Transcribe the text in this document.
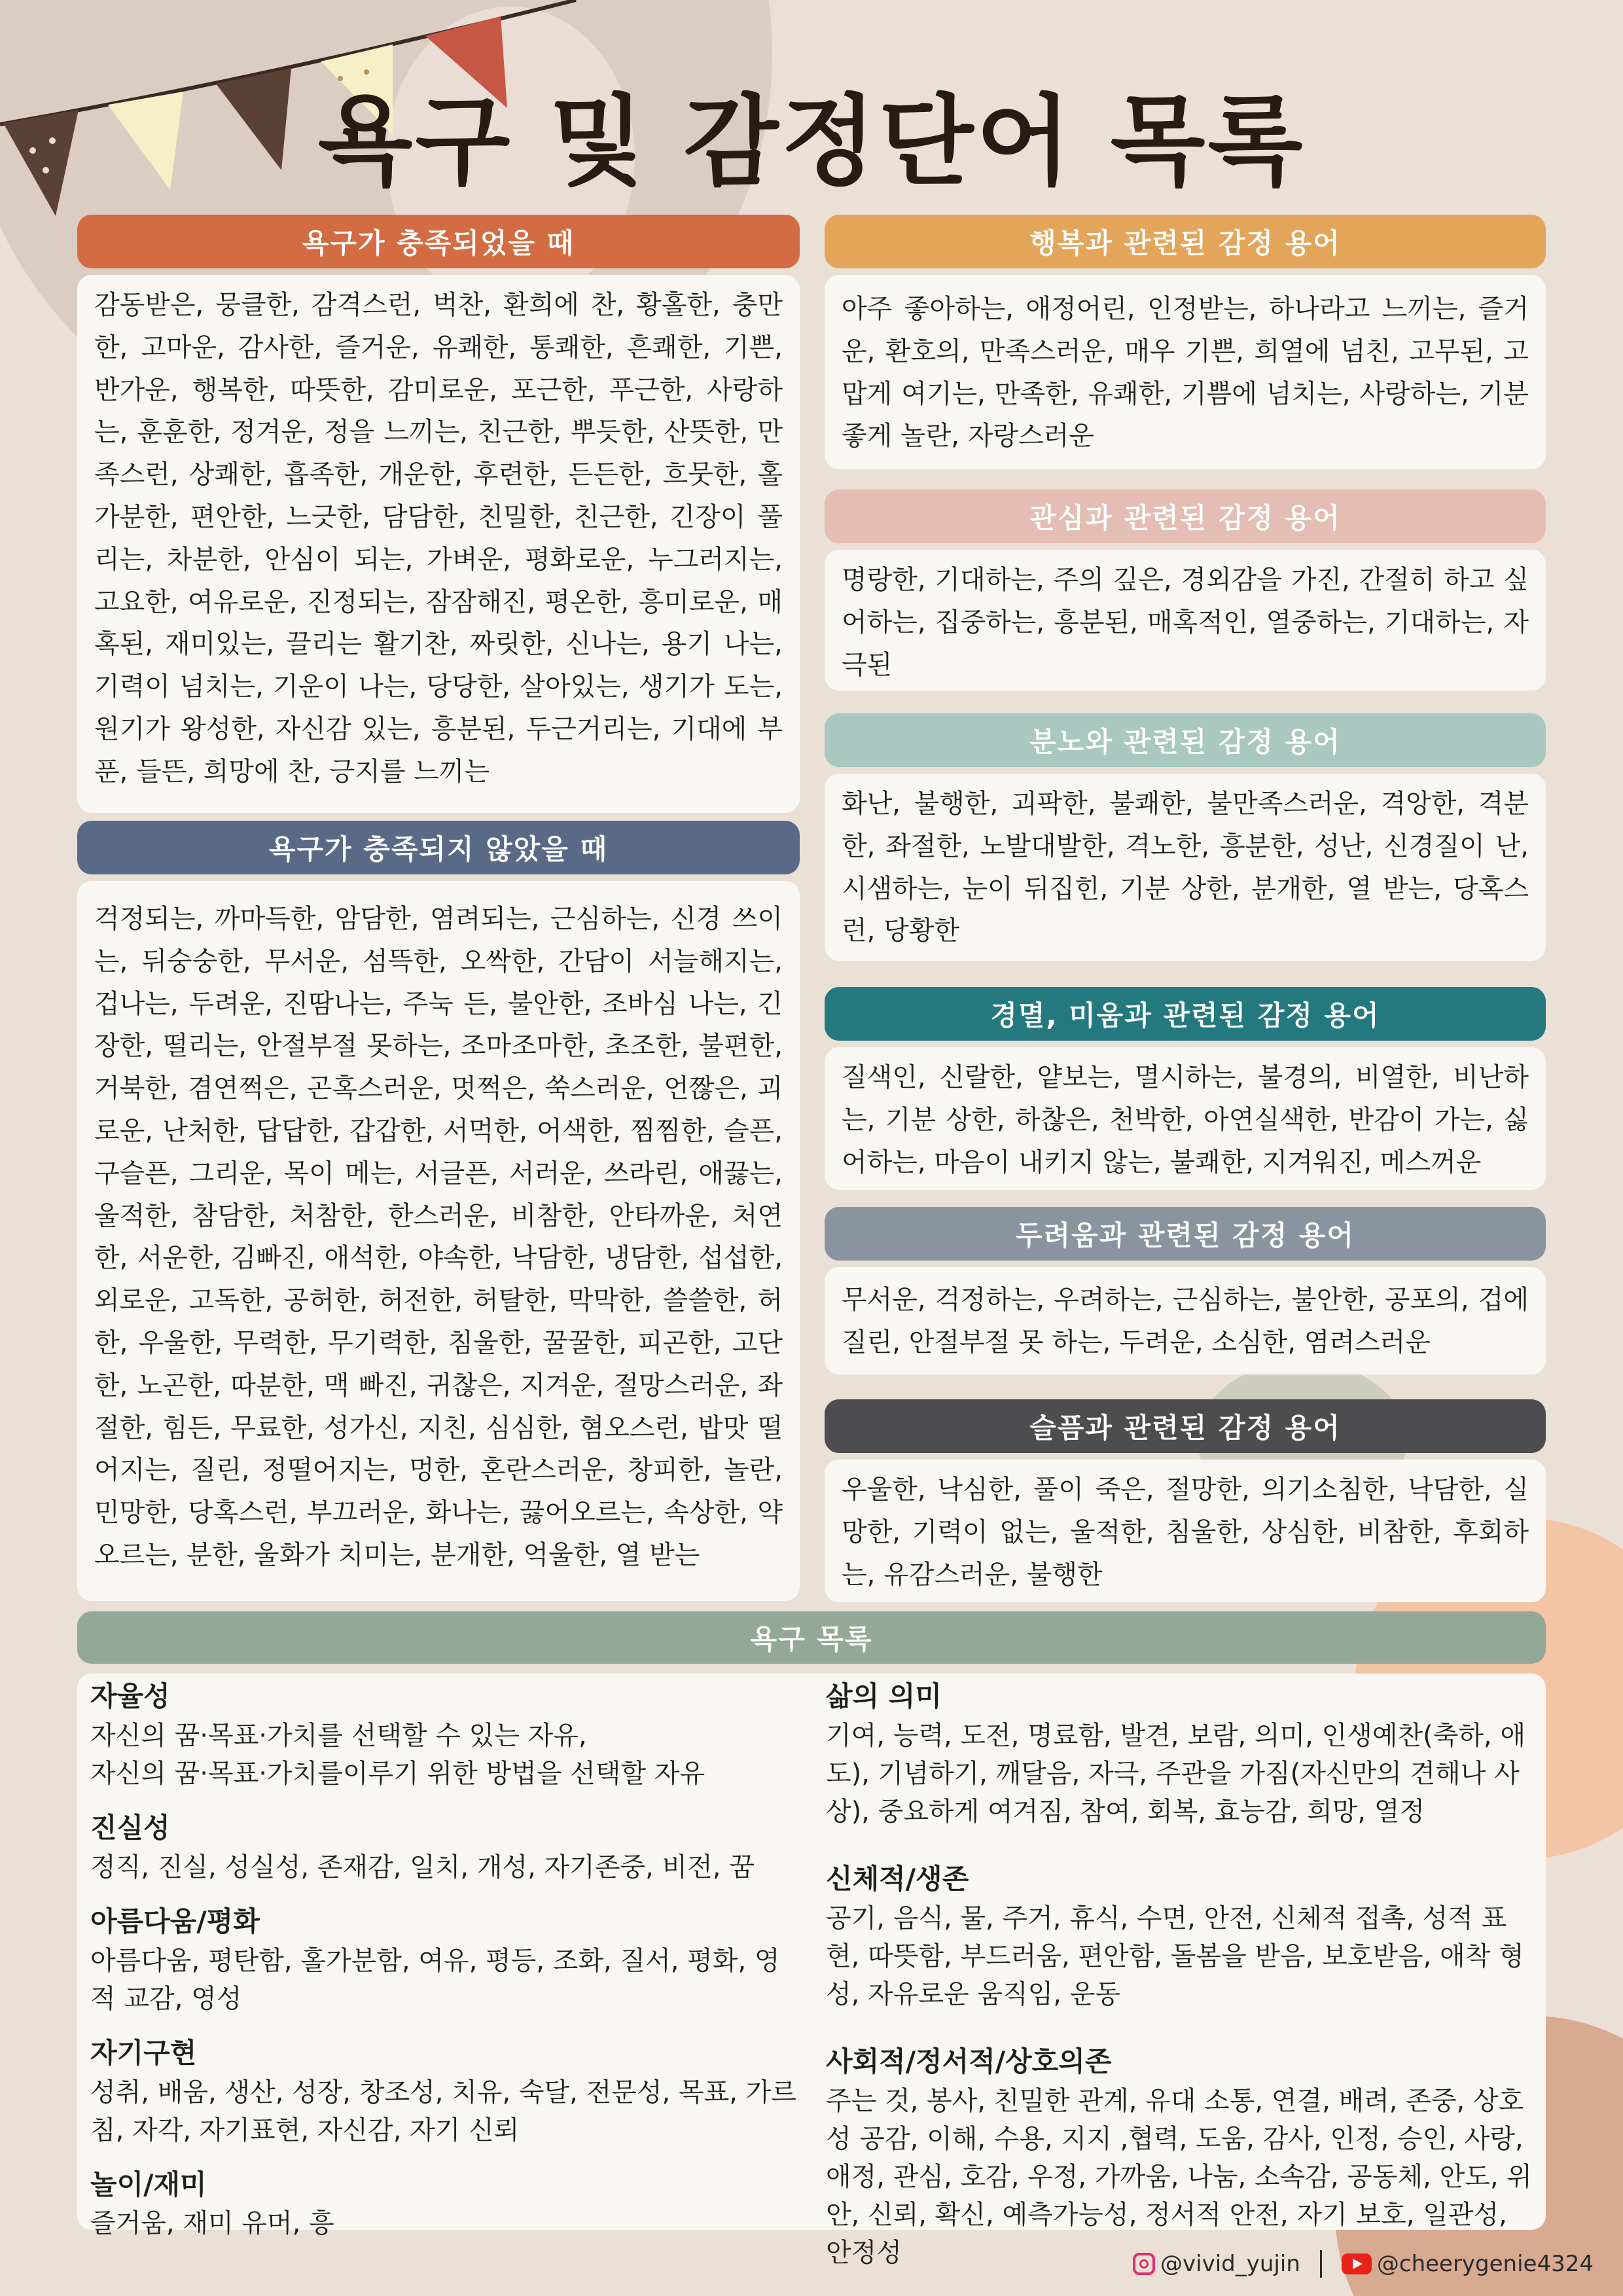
욕구 및 감정단어 목록
욕구가 충족되었을 때
감동받은, 뭉클한, 감격스런, 벅찬, 환희에 찬, 황홀한, 충만한, 고마운, 감사한, 즐거운, 유쾌한, 통쾌한, 흔쾌한, 기쁜, 반가운, 행복한, 따뜻한, 감미로운, 포근한, 푸근한, 사랑하는, 훈훈한, 정겨운, 정을 느끼는, 친근한, 뿌듯한, 산뜻한, 만족스런, 상쾌한, 흡족한, 개운한, 후련한, 든든한, 흐뭇한, 홀가분한, 편안한, 느긋한, 담담한, 친밀한, 친근한, 긴장이 풀리는, 차분한, 안심이 되는, 가벼운, 평화로운, 누그러지는, 고요한, 여유로운, 진정되는, 잠잠해진, 평온한, 흥미로운, 매혹된, 재미있는, 끌리는 활기찬, 짜릿한, 신나는, 용기 나는, 기력이 넘치는, 기운이 나는, 당당한, 살아있는, 생기가 도는, 원기가 왕성한, 자신감 있는, 흥분된, 두근거리는, 기대에 부푼, 들뜬, 희망에 찬, 긍지를 느끼는
욕구가 충족되지 않았을 때
걱정되는, 까마득한, 암담한, 염려되는, 근심하는, 신경 쓰이는, 뒤숭숭한, 무서운, 섬뜩한, 오싹한, 간담이 서늘해지는, 겁나는, 두려운, 진땀나는, 주눅 든, 불안한, 조바심 나는, 긴장한, 떨리는, 안절부절 못하는, 조마조마한, 초조한, 불편한, 거북한, 겸연쩍은, 곤혹스러운, 멋쩍은, 쑥스러운, 언짢은, 괴로운, 난처한, 답답한, 갑갑한, 서먹한, 어색한, 찜찜한, 슬픈, 구슬픈, 그리운, 목이 메는, 서글픈, 서러운, 쓰라린, 애끓는, 울적한, 참담한, 처참한, 한스러운, 비참한, 안타까운, 처연한, 서운한, 김빠진, 애석한, 야속한, 낙담한, 냉담한, 섭섭한, 외로운, 고독한, 공허한, 허전한, 허탈한, 막막한, 쓸쓸한, 허한, 우울한, 무력한, 무기력한, 침울한, 꿀꿀한, 피곤한, 고단한, 노곤한, 따분한, 맥 빠진, 귀찮은, 지겨운, 절망스러운, 좌절한, 힘든, 무료한, 성가신, 지친, 심심한, 혐오스런, 밥맛 떨어지는, 질린, 정떨어지는, 멍한, 혼란스러운, 창피한, 놀란, 민망한, 당혹스런, 부끄러운, 화나는, 끓어오르는, 속상한, 약 오르는, 분한, 울화가 치미는, 분개한, 억울한, 열 받는
행복과 관련된 감정 용어
아주 좋아하는, 애정어린, 인정받는, 하나라고 느끼는, 즐거운, 환호의, 만족스러운, 매우 기쁜, 희열에 넘친, 고무된, 고맙게 여기는, 만족한, 유쾌한, 기쁨에 넘치는, 사랑하는, 기분 좋게 놀란, 자랑스러운
관심과 관련된 감정 용어
명랑한, 기대하는, 주의 깊은, 경외감을 가진, 간절히 하고 싶어하는, 집중하는, 흥분된, 매혹적인, 열중하는, 기대하는, 자극된
분노와 관련된 감정 용어
화난, 불행한, 괴팍한, 불쾌한, 불만족스러운, 격앙한, 격분한, 좌절한, 노발대발한, 격노한, 흥분한, 성난, 신경질이 난, 시샘하는, 눈이 뒤집힌, 기분 상한, 분개한, 열 받는, 당혹스런, 당황한
경멸, 미움과 관련된 감정 용어
질색인, 신랄한, 얕보는, 멸시하는, 불경의, 비열한, 비난하는, 기분 상한, 하찮은, 천박한, 아연실색한, 반감이 가는, 싫어하는, 마음이 내키지 않는, 불쾌한, 지겨워진, 메스꺼운
두려움과 관련된 감정 용어
무서운, 걱정하는, 우려하는, 근심하는, 불안한, 공포의, 겁에 질린, 안절부절 못 하는, 두려운, 소심한, 염려스러운
슬픔과 관련된 감정 용어
우울한, 낙심한, 풀이 죽은, 절망한, 의기소침한, 낙담한, 실망한, 기력이 없는, 울적한, 침울한, 상심한, 비참한, 후회하는, 유감스러운, 불행한
욕구 목록
자율성
자신의 꿈·목표·가치를 선택할 수 있는 자유,
자신의 꿈·목표·가치를이루기 위한 방법을 선택할 자유
진실성
정직, 진실, 성실성, 존재감, 일치, 개성, 자기존중, 비전, 꿈
아름다움/평화
아름다움, 평탄함, 홀가분함, 여유, 평등, 조화, 질서, 평화, 영적 교감, 영성
자기구현
성취, 배움, 생산, 성장, 창조성, 치유, 숙달, 전문성, 목표, 가르침, 자각, 자기표현, 자신감, 자기 신뢰
놀이/재미
즐거움, 재미 유머, 흥
삶의 의미
기여, 능력, 도전, 명료함, 발견, 보람, 의미, 인생예찬(축하, 애도), 기념하기, 깨달음, 자극, 주관을 가짐(자신만의 견해나 사상), 중요하게 여겨짐, 참여, 회복, 효능감, 희망, 열정
신체적/생존
공기, 음식, 물, 주거, 휴식, 수면, 안전, 신체적 접촉, 성적 표현, 따뜻함, 부드러움, 편안함, 돌봄을 받음, 보호받음, 애착 형성, 자유로운 움직임, 운동
사회적/정서적/상호의존
주는 것, 봉사, 친밀한 관계, 유대 소통, 연결, 배려, 존중, 상호성 공감, 이해, 수용, 지지 ,협력, 도움, 감사, 인정, 승인, 사랑, 애정, 관심, 호감, 우정, 가까움, 나눔, 소속감, 공동체, 안도, 위안, 신뢰, 확신, 예측가능성, 정서적 안전, 자기 보호, 일관성, 안정성	@vivid_yujin	@cheerygenie4324
